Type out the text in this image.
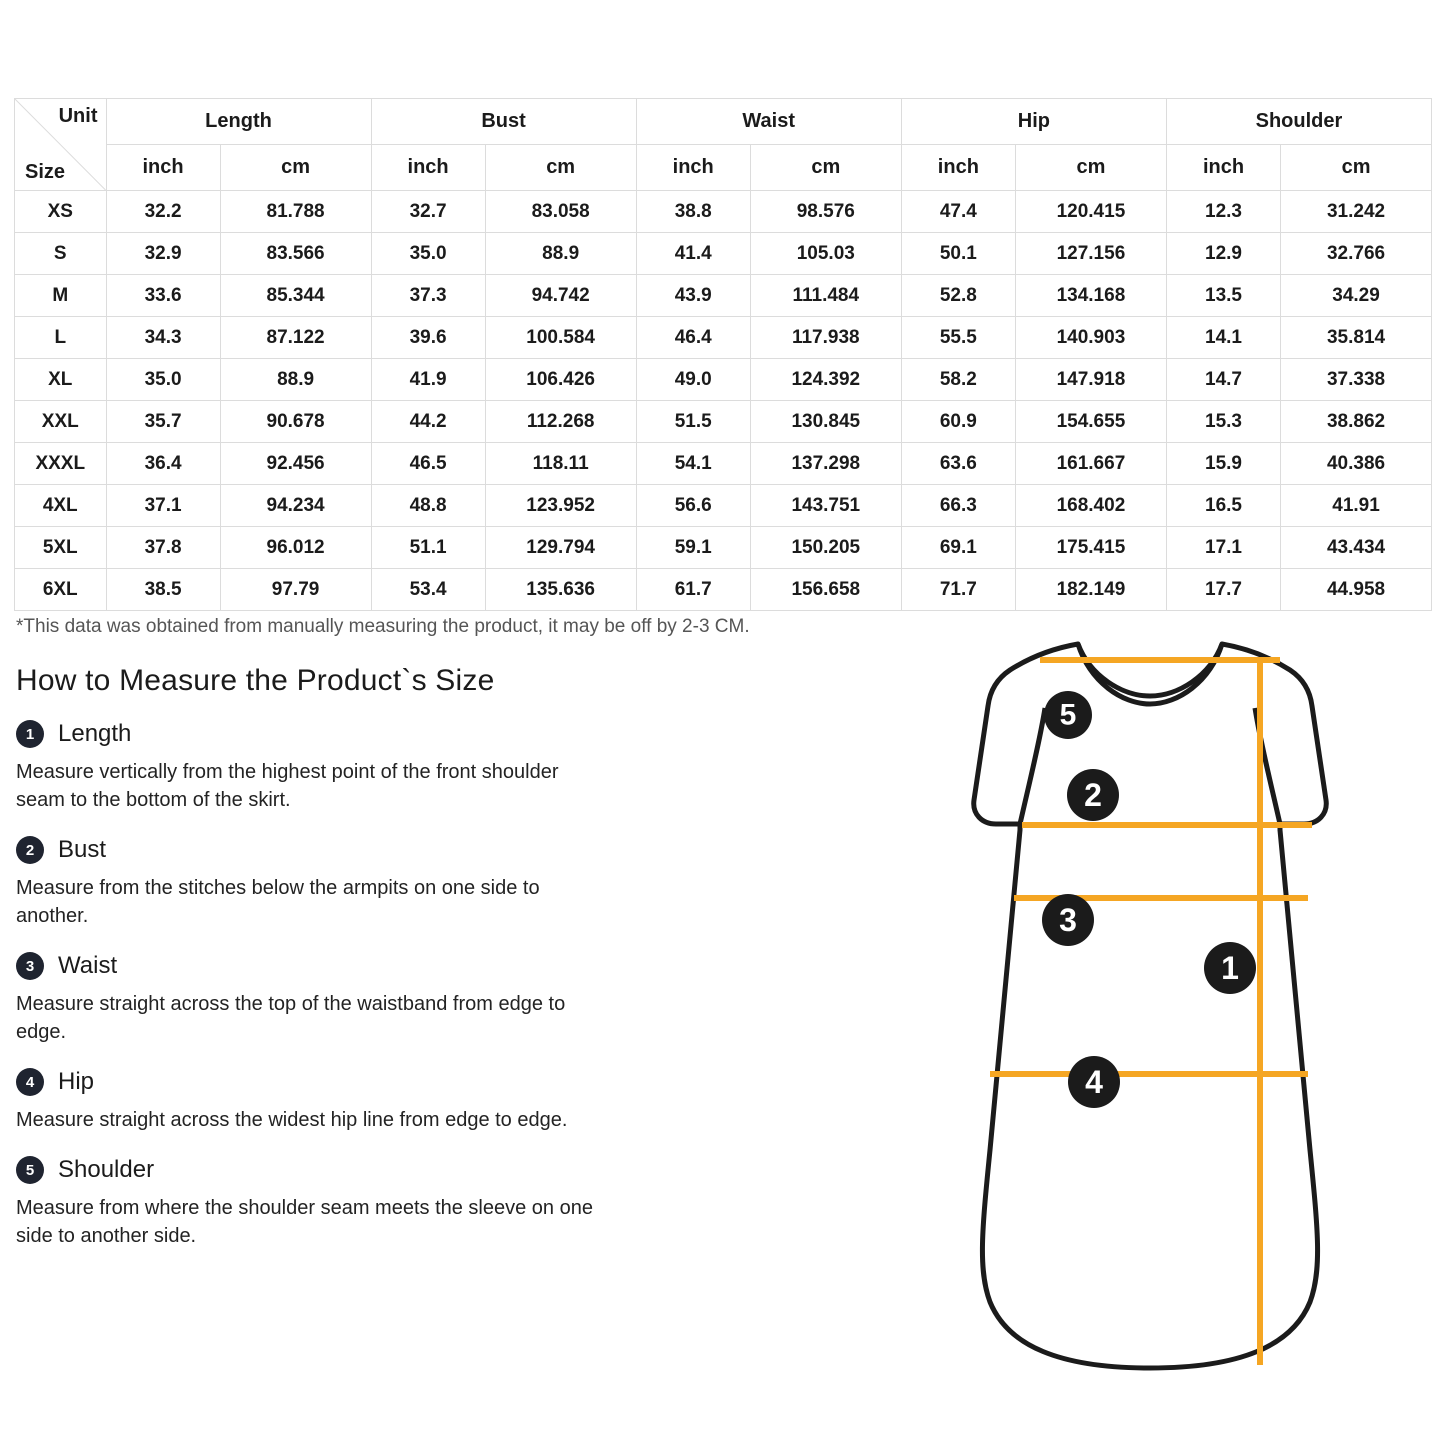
Unit
Size	Length		Bust		Waist		Hip		Shoulder	
	inch	cm	inch	cm	inch	cm	inch	cm	inch	cm
XS	32.2	81.788	32.7	83.058	38.8	98.576	47.4	120.415	12.3	31.242
S	32.9	83.566	35.0	88.9	41.4	105.03	50.1	127.156	12.9	32.766
M	33.6	85.344	37.3	94.742	43.9	111.484	52.8	134.168	13.5	34.29
L	34.3	87.122	39.6	100.584	46.4	117.938	55.5	140.903	14.1	35.814
XL	35.0	88.9	41.9	106.426	49.0	124.392	58.2	147.918	14.7	37.338
XXL	35.7	90.678	44.2	112.268	51.5	130.845	60.9	154.655	15.3	38.862
XXXL	36.4	92.456	46.5	118.11	54.1	137.298	63.6	161.667	15.9	40.386
4XL	37.1	94.234	48.8	123.952	56.6	143.751	66.3	168.402	16.5	41.91
5XL	37.8	96.012	51.1	129.794	59.1	150.205	69.1	175.415	17.1	43.434
6XL	38.5	97.79	53.4	135.636	61.7	156.658	71.7	182.149	17.7	44.958
*This data was obtained from manually measuring the product, it may be off by 2-3 CM.
How to Measure the Product`s Size
1 Length

Measure vertically from the highest point of the front shoulder seam to the bottom of the skirt.

2 Bust

Measure from the stitches below the armpits on one side to another.

3 Waist

Measure straight across the top of the waistband from edge to edge.

4 Hip

Measure straight across the widest hip line from edge to edge.

5 Shoulder

Measure from where the shoulder seam meets the sleeve on one side to another side.

5
2
3
1
4
